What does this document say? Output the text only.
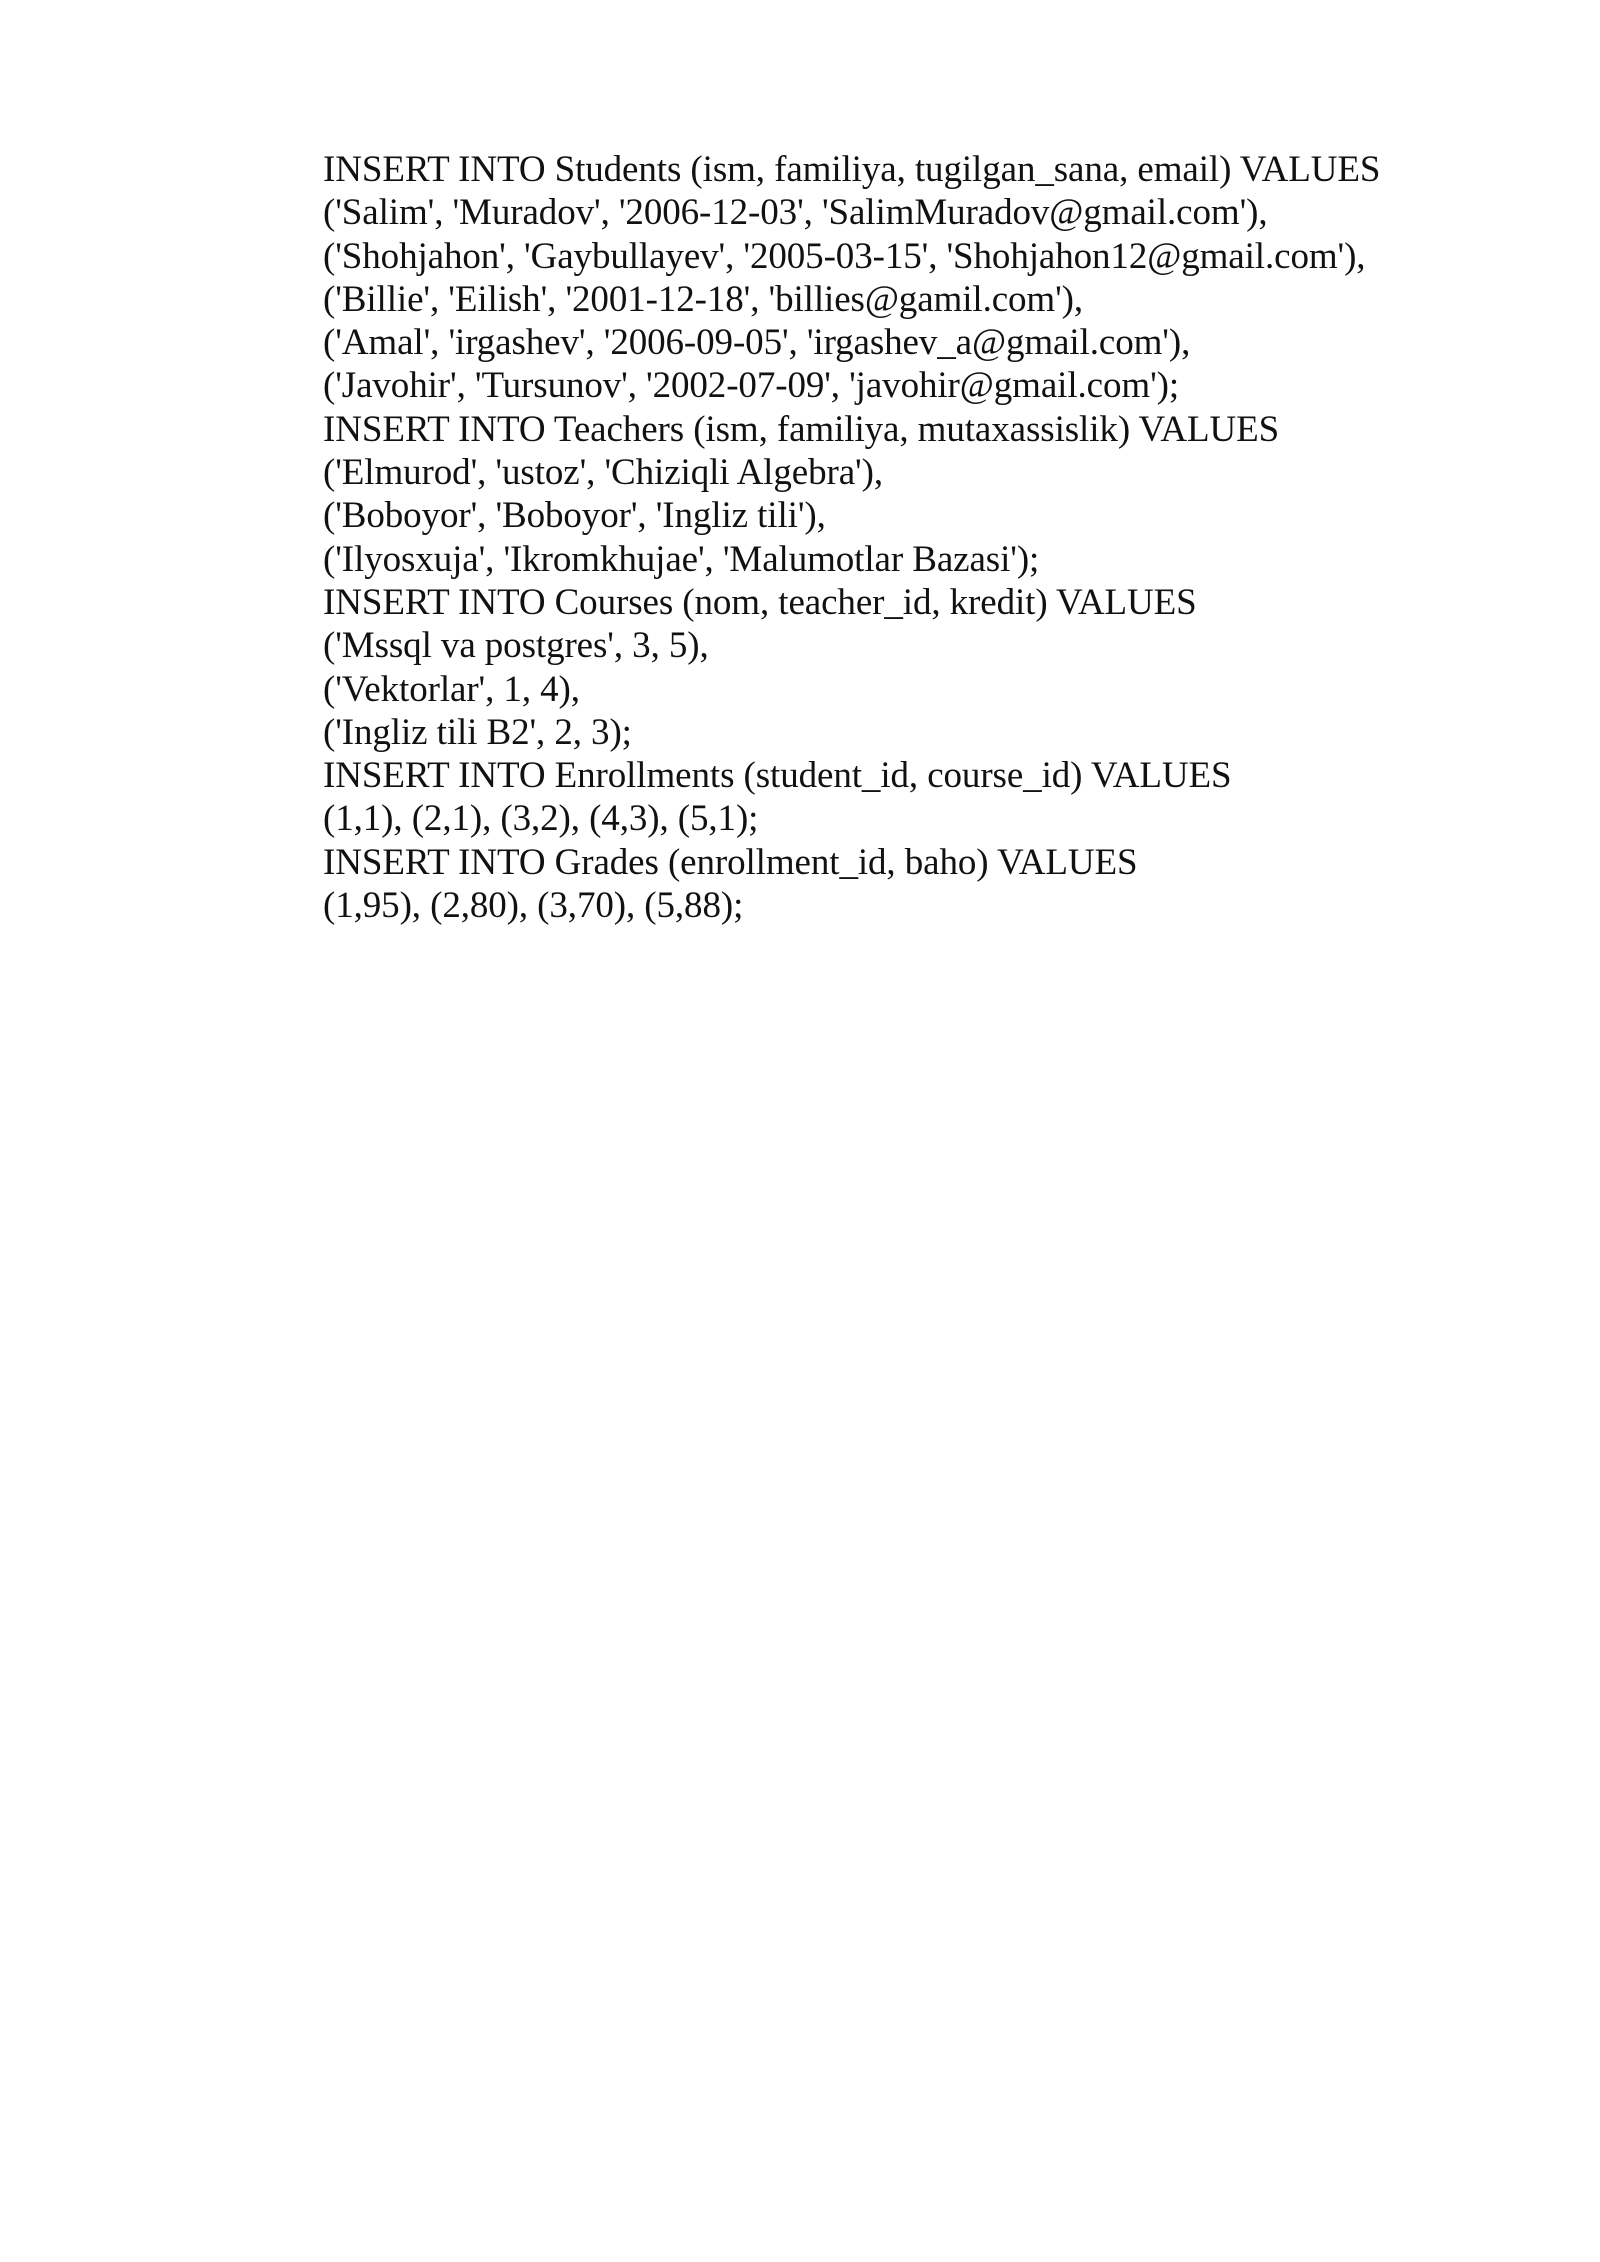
INSERT INTO Students (ism, familiya, tugilgan_sana, email) VALUES
('Salim', 'Muradov', '2006-12-03', 'SalimMuradov@gmail.com'),
('Shohjahon', 'Gaybullayev', '2005-03-15', 'Shohjahon12@gmail.com'),
('Billie', 'Eilish', '2001-12-18', 'billies@gamil.com'),
('Amal', 'irgashev', '2006-09-05', 'irgashev_a@gmail.com'),
('Javohir', 'Tursunov', '2002-07-09', 'javohir@gmail.com');
INSERT INTO Teachers (ism, familiya, mutaxassislik) VALUES
('Elmurod', 'ustoz', 'Chiziqli Algebra'),
('Boboyor', 'Boboyor', 'Ingliz tili'),
('Ilyosxuja', 'Ikromkhujae', 'Malumotlar Bazasi');
INSERT INTO Courses (nom, teacher_id, kredit) VALUES
('Mssql va postgres', 3, 5),
('Vektorlar', 1, 4),
('Ingliz tili B2', 2, 3);
INSERT INTO Enrollments (student_id, course_id) VALUES
(1,1), (2,1), (3,2), (4,3), (5,1);
INSERT INTO Grades (enrollment_id, baho) VALUES
(1,95), (2,80), (3,70), (5,88);
